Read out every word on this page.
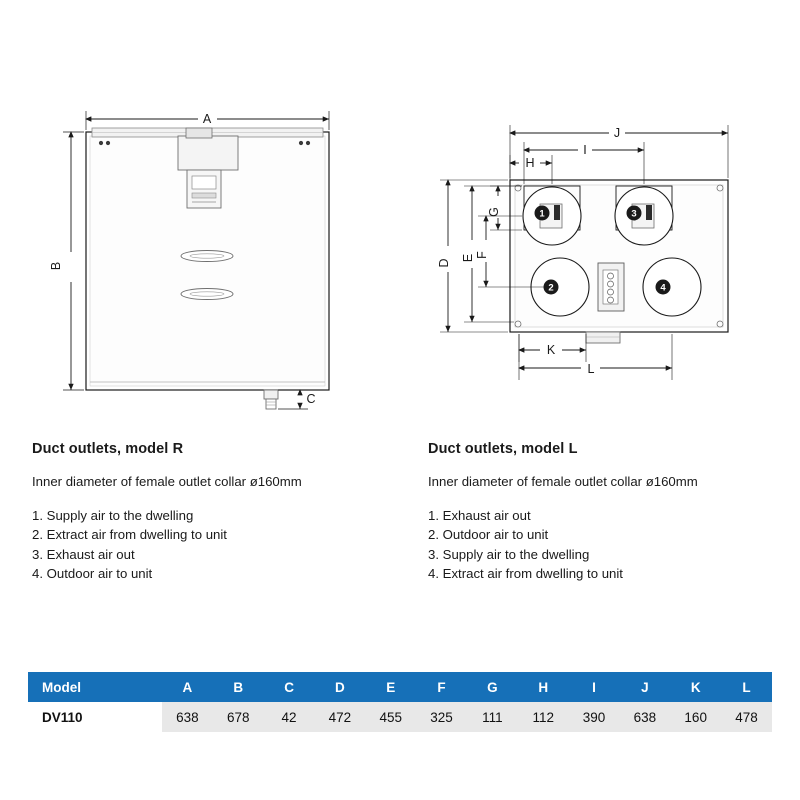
A
B
C
J
I
H
G
F
E
D
K
L
1	3
2	4
Duct outlets, model R

Inner diameter of female outlet collar ø160mm

1. Supply air to the dwelling
2. Extract air from dwelling to unit
3. Exhaust air out
4. Outdoor air to unit
Duct outlets, model L

Inner diameter of female outlet collar ø160mm

1. Exhaust air out
2. Outdoor air to unit
3. Supply air to the dwelling
4. Extract air from dwelling to unit
Model	A	B	C	D	E	F	G	H	I	J	K	L
DV110	638	678	42	472	455	325	111	112	390	638	160	478
